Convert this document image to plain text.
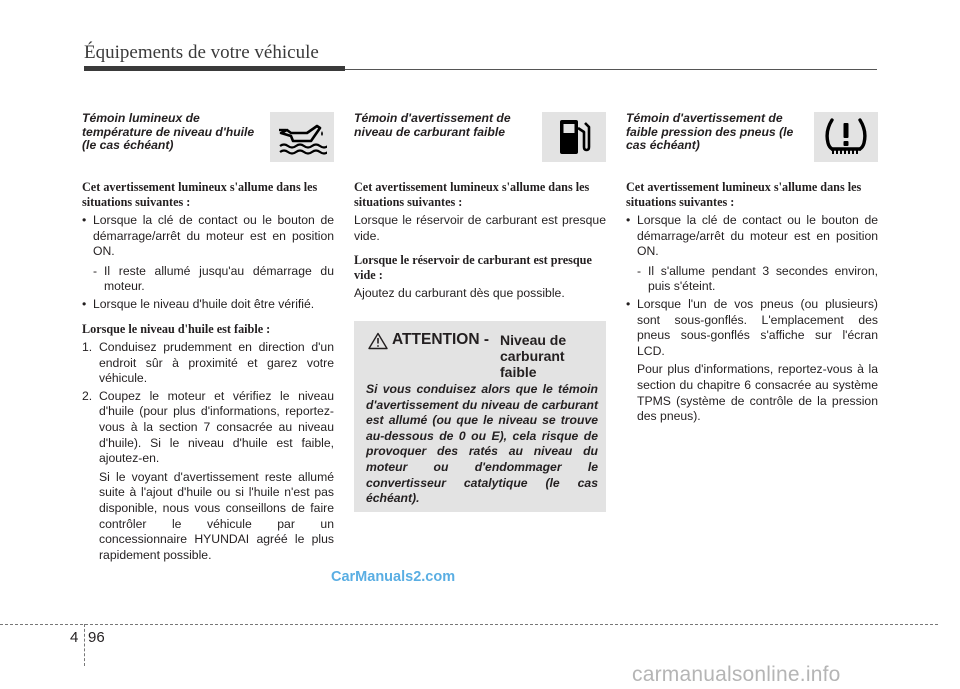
Équipements de votre véhicule
Témoin lumineux de température de niveau d'huile (le cas échéant)
Cet avertissement lumineux s'allume dans les situations suivantes :
• Lorsque la clé de contact ou le bouton de démarrage/arrêt du moteur est en position ON.
- Il reste allumé jusqu'au démarrage du moteur.
• Lorsque le niveau d'huile doit être vérifié.
Lorsque le niveau d'huile est faible :
1. Conduisez prudemment en direction d'un endroit sûr à proximité et garez votre véhicule.
2. Coupez le moteur et vérifiez le niveau d'huile (pour plus d'informations, reportez-vous à la section 7 consacrée au niveau d'huile). Si le niveau d'huile est faible, ajoutez-en.
Si le voyant d'avertissement reste allumé suite à l'ajout d'huile ou si l'huile n'est pas disponible, nous vous conseillons de faire contrôler le véhicule par un concessionnaire HYUNDAI agréé le plus rapidement possible.
Témoin d'avertissement de niveau de carburant faible
Cet avertissement lumineux s'allume dans les situations suivantes :
Lorsque le réservoir de carburant est presque vide.
Lorsque le réservoir de carburant est presque vide :
Ajoutez du carburant dès que possible.
ATTENTION - Niveau de carburant faible
Si vous conduisez alors que le témoin d'avertissement du niveau de carburant est allumé (ou que le niveau se trouve au-dessous de 0 ou E), cela risque de provoquer des ratés au niveau du moteur ou d'endommager le convertisseur catalytique (le cas échéant).
Témoin d'avertissement de faible pression des pneus (le cas échéant)
Cet avertissement lumineux s'allume dans les situations suivantes :
• Lorsque la clé de contact ou le bouton de démarrage/arrêt du moteur est en position ON.
- Il s'allume pendant 3 secondes environ, puis s'éteint.
• Lorsque l'un de vos pneus (ou plusieurs) sont sous-gonflés. L'emplacement des pneus sous-gonflés s'affiche sur l'écran LCD.
Pour plus d'informations, reportez-vous à la section du chapitre 6 consacrée au système TPMS (système de contrôle de la pression des pneus).
CarManuals2.com
4 96
carmanualsonline.info
